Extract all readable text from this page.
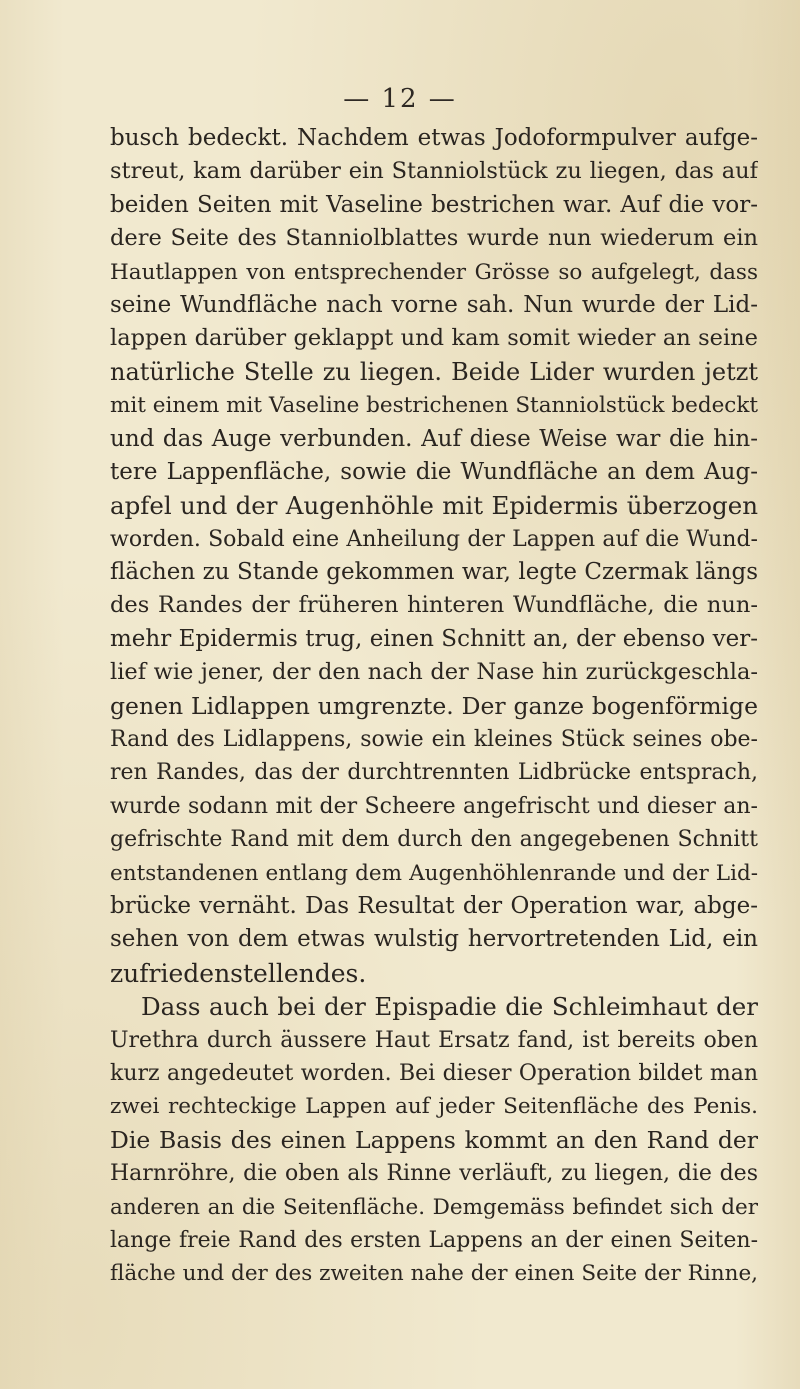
— 12 —
busch bedeckt. Nachdem etwas Jodoformpulver aufge-
streut, kam darüber ein Stanniolstück zu liegen, das auf
beiden Seiten mit Vaseline bestrichen war. Auf die vor-
dere Seite des Stanniolblattes wurde nun wiederum ein
Hautlappen von entsprechender Grösse so aufgelegt, dass
seine Wundfläche nach vorne sah. Nun wurde der Lid-
lappen darüber geklappt und kam somit wieder an seine
natürliche Stelle zu liegen. Beide Lider wurden jetzt
mit einem mit Vaseline bestrichenen Stanniolstück bedeckt
und das Auge verbunden. Auf diese Weise war die hin-
tere Lappenfläche, sowie die Wundfläche an dem Aug-
apfel und der Augenhöhle mit Epidermis überzogen
worden. Sobald eine Anheilung der Lappen auf die Wund-
flächen zu Stande gekommen war, legte Czermak längs
des Randes der früheren hinteren Wundfläche, die nun-
mehr Epidermis trug, einen Schnitt an, der ebenso ver-
lief wie jener, der den nach der Nase hin zurückgeschla-
genen Lidlappen umgrenzte. Der ganze bogenförmige
Rand des Lidlappens, sowie ein kleines Stück seines obe-
ren Randes, das der durchtrennten Lidbrücke entsprach,
wurde sodann mit der Scheere angefrischt und dieser an-
gefrischte Rand mit dem durch den angegebenen Schnitt
entstandenen entlang dem Augenhöhlenrande und der Lid-
brücke vernäht. Das Resultat der Operation war, abge-
sehen von dem etwas wulstig hervortretenden Lid, ein
zufriedenstellendes.
Dass auch bei der Epispadie die Schleimhaut der
Urethra durch äussere Haut Ersatz fand, ist bereits oben
kurz angedeutet worden. Bei dieser Operation bildet man
zwei rechteckige Lappen auf jeder Seitenfläche des Penis.
Die Basis des einen Lappens kommt an den Rand der
Harnröhre, die oben als Rinne verläuft, zu liegen, die des
anderen an die Seitenfläche. Demgemäss befindet sich der
lange freie Rand des ersten Lappens an der einen Seiten-
fläche und der des zweiten nahe der einen Seite der Rinne,
